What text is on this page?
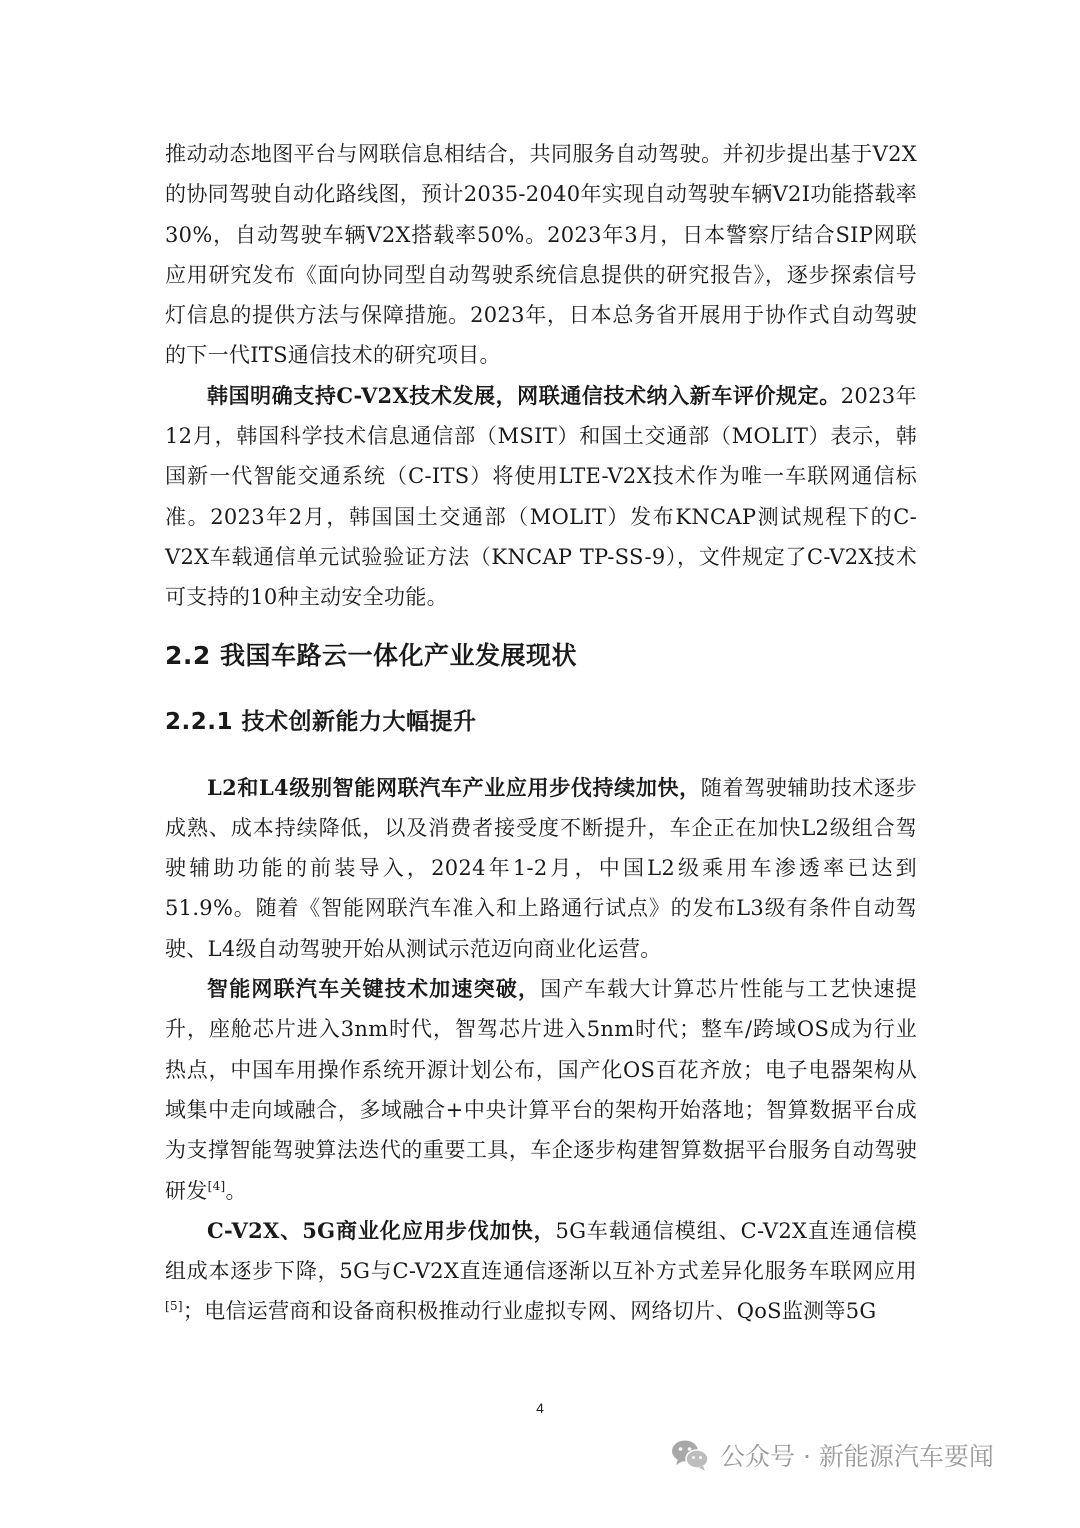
推动动态地图平台与网联信息相结合，共同服务自动驾驶。并初步提出基于V2X的协同驾驶自动化路线图，预计2035-2040年实现自动驾驶车辆V2I功能搭载率30%，自动驾驶车辆V2X搭载率50%。2023年3月，日本警察厅结合SIP网联应用研究发布《面向协同型自动驾驶系统信息提供的研究报告》，逐步探索信号灯信息的提供方法与保障措施。2023年，日本总务省开展用于协作式自动驾驶的下一代ITS通信技术的研究项目。

韩国明确支持C-V2X技术发展，网联通信技术纳入新车评价规定。2023年12月，韩国科学技术信息通信部（MSIT）和国土交通部（MOLIT）表示，韩国新一代智能交通系统（C-ITS）将使用LTE-V2X技术作为唯一车联网通信标准。2023年2月，韩国国土交通部（MOLIT）发布KNCAP测试规程下的C-V2X车载通信单元试验验证方法（KNCAP TP-SS-9），文件规定了C-V2X技术可支持的10种主动安全功能。

2.2 我国车路云一体化产业发展现状
2.2.1 技术创新能力大幅提升

L2和L4级别智能网联汽车产业应用步伐持续加快，随着驾驶辅助技术逐步成熟、成本持续降低，以及消费者接受度不断提升，车企正在加快L2级组合驾驶辅助功能的前装导入，2024年1-2月，中国L2级乘用车渗透率已达到51.9%。随着《智能网联汽车准入和上路通行试点》的发布L3级有条件自动驾驶、L4级自动驾驶开始从测试示范迈向商业化运营。

智能网联汽车关键技术加速突破，国产车载大计算芯片性能与工艺快速提升，座舱芯片进入3nm时代，智驾芯片进入5nm时代；整车/跨域OS成为行业热点，中国车用操作系统开源计划公布，国产化OS百花齐放；电子电器架构从域集中走向域融合，多域融合+中央计算平台的架构开始落地；智算数据平台成为支撑智能驾驶算法迭代的重要工具，车企逐步构建智算数据平台服务自动驾驶研发[4]。

C-V2X、5G商业化应用步伐加快，5G车载通信模组、C-V2X直连通信模组成本逐步下降，5G与C-V2X直连通信逐渐以互补方式差异化服务车联网应用[5]；电信运营商和设备商积极推动行业虚拟专网、网络切片、QoS监测等5G

4
公众号 · 新能源汽车要闻
